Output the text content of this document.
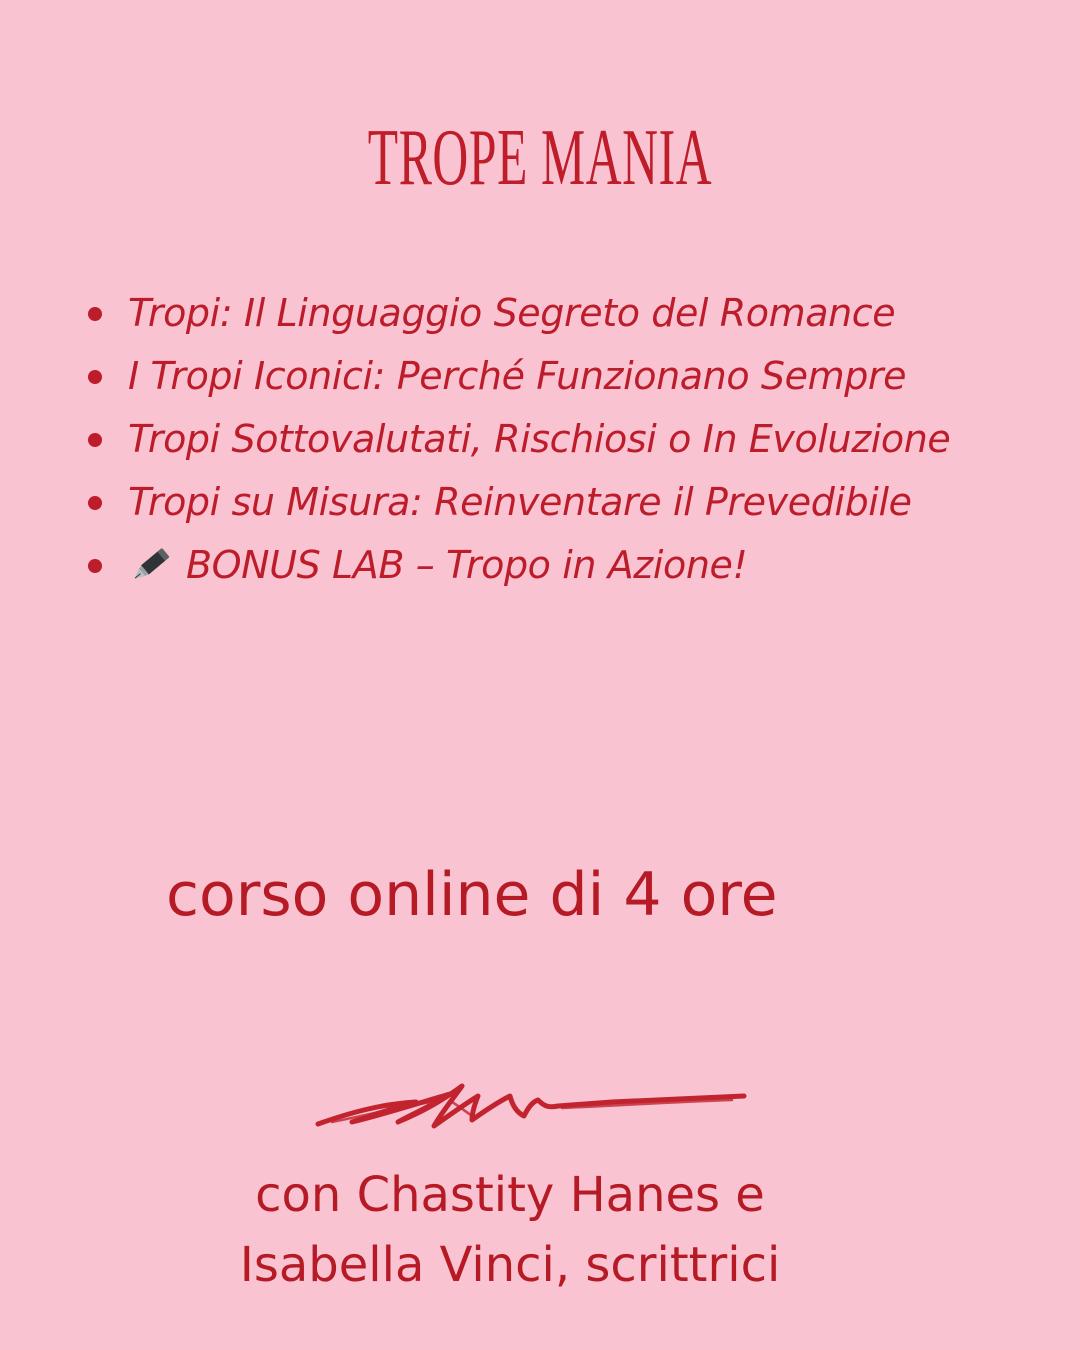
TROPE MANIA
Tropi: Il Linguaggio Segreto del Romance
I Tropi Iconici: Perché Funzionano Sempre
Tropi Sottovalutati, Rischiosi o In Evoluzione
Tropi su Misura: Reinventare il Prevedibile
BONUS LAB – Tropo in Azione!
corso online di 4 ore
con Chastity Hanes e
Isabella Vinci, scrittrici
